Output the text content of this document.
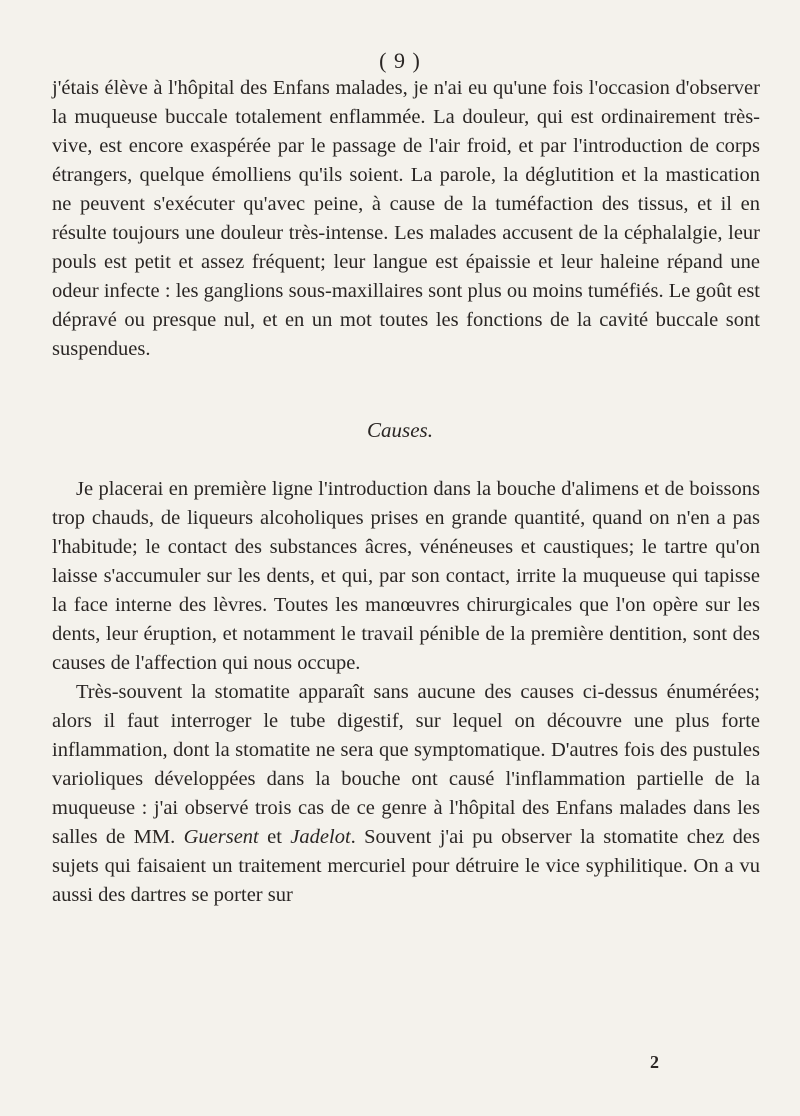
( 9 )

j'étais élève à l'hôpital des Enfans malades, je n'ai eu qu'une fois l'occasion d'observer la muqueuse buccale totalement enflammée. La douleur, qui est ordinairement très-vive, est encore exaspérée par le passage de l'air froid, et par l'introduction de corps étrangers, quelque émolliens qu'ils soient. La parole, la déglutition et la mastication ne peuvent s'exécuter qu'avec peine, à cause de la tuméfaction des tissus, et il en résulte toujours une douleur très-intense. Les malades accusent de la céphalalgie, leur pouls est petit et assez fréquent; leur langue est épaissie et leur haleine répand une odeur infecte : les ganglions sous-maxillaires sont plus ou moins tuméfiés. Le goût est dépravé ou presque nul, et en un mot toutes les fonctions de la cavité buccale sont suspendues.

Causes.

Je placerai en première ligne l'introduction dans la bouche d'alimens et de boissons trop chauds, de liqueurs alcoholiques prises en grande quantité, quand on n'en a pas l'habitude; le contact des substances âcres, vénéneuses et caustiques; le tartre qu'on laisse s'accumuler sur les dents, et qui, par son contact, irrite la muqueuse qui tapisse la face interne des lèvres. Toutes les manœuvres chirurgicales que l'on opère sur les dents, leur éruption, et notamment le travail pénible de la première dentition, sont des causes de l'affection qui nous occupe.

Très-souvent la stomatite apparaît sans aucune des causes ci-dessus énumérées; alors il faut interroger le tube digestif, sur lequel on découvre une plus forte inflammation, dont la stomatite ne sera que symptomatique. D'autres fois des pustules varioliques développées dans la bouche ont causé l'inflammation partielle de la muqueuse : j'ai observé trois cas de ce genre à l'hôpital des Enfans malades dans les salles de MM. Guersent et Jadelot. Souvent j'ai pu observer la stomatite chez des sujets qui faisaient un traitement mercuriel pour détruire le vice syphilitique. On a vu aussi des dartres se porter sur

2
